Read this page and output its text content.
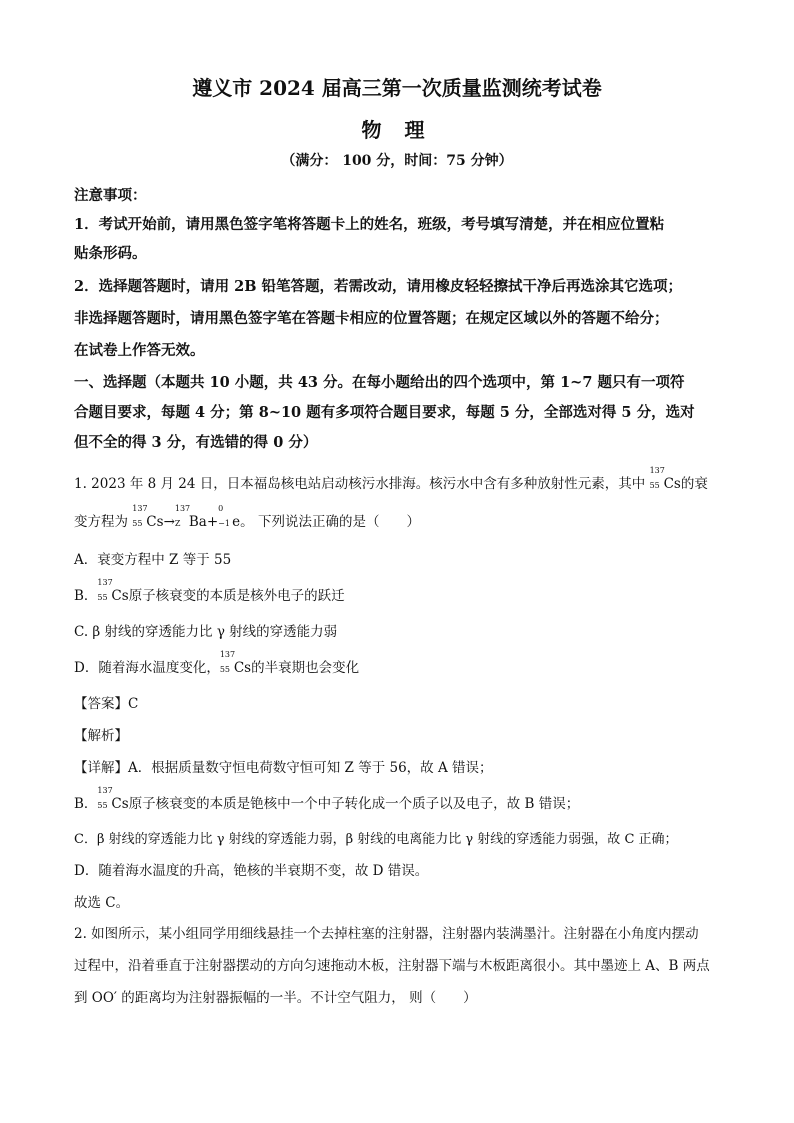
遵义市 2024 届高三第一次质量监测统考试卷
物 理
（满分： 100 分，时间：75 分钟）
注意事项：
1．考试开始前，请用黑色签字笔将答题卡上的姓名，班级，考号填写清楚，并在相应位置粘
贴条形码。
2．选择题答题时，请用 2B 铅笔答题，若需改动，请用橡皮轻轻擦拭干净后再选涂其它选项；
非选择题答题时，请用黑色签字笔在答题卡相应的位置答题；在规定区域以外的答题不给分；
在试卷上作答无效。
一、选择题（本题共 10 小题，共 43 分。在每小题给出的四个选项中，第 1~7 题只有一项符
合题目要求，每题 4 分；第 8~10 题有多项符合题目要求，每题 5 分，全部选对得 5 分，选对
但不全的得 3 分，有选错的得 0 分）
1. 2023 年 8 月 24 日，日本福岛核电站启动核污水排海。核污水中含有多种放射性元素，其中
137
55 Cs的衰
变方程为
137
55 Cs→
137
Z Ba+
0
−1 e。 下列说法正确的是（　　）
A．衰变方程中 Z 等于 55
B．
137
55 Cs原子核衰变的本质是核外电子的跃迁
C. β 射线的穿透能力比 γ 射线的穿透能力弱
D．随着海水温度变化，
137
55 Cs的半衰期也会变化
【答案】C
【解析】
【详解】A．根据质量数守恒电荷数守恒可知 Z 等于 56，故 A 错误；
B．
137
55 Cs原子核衰变的本质是铯核中一个中子转化成一个质子以及电子，故 B 错误；
C．β 射线的穿透能力比 γ 射线的穿透能力弱，β 射线的电离能力比 γ 射线的穿透能力弱强，故 C 正确；
D．随着海水温度的升高，铯核的半衰期不变，故 D 错误。
故选 C。
2. 如图所示，某小组同学用细线悬挂一个去掉柱塞的注射器，注射器内装满墨汁。注射器在小角度内摆动
过程中，沿着垂直于注射器摆动的方向匀速拖动木板，注射器下端与木板距离很小。其中墨迹上 A、B 两点
到 OO′ 的距离均为注射器振幅的一半。不计空气阻力， 则（　　）
